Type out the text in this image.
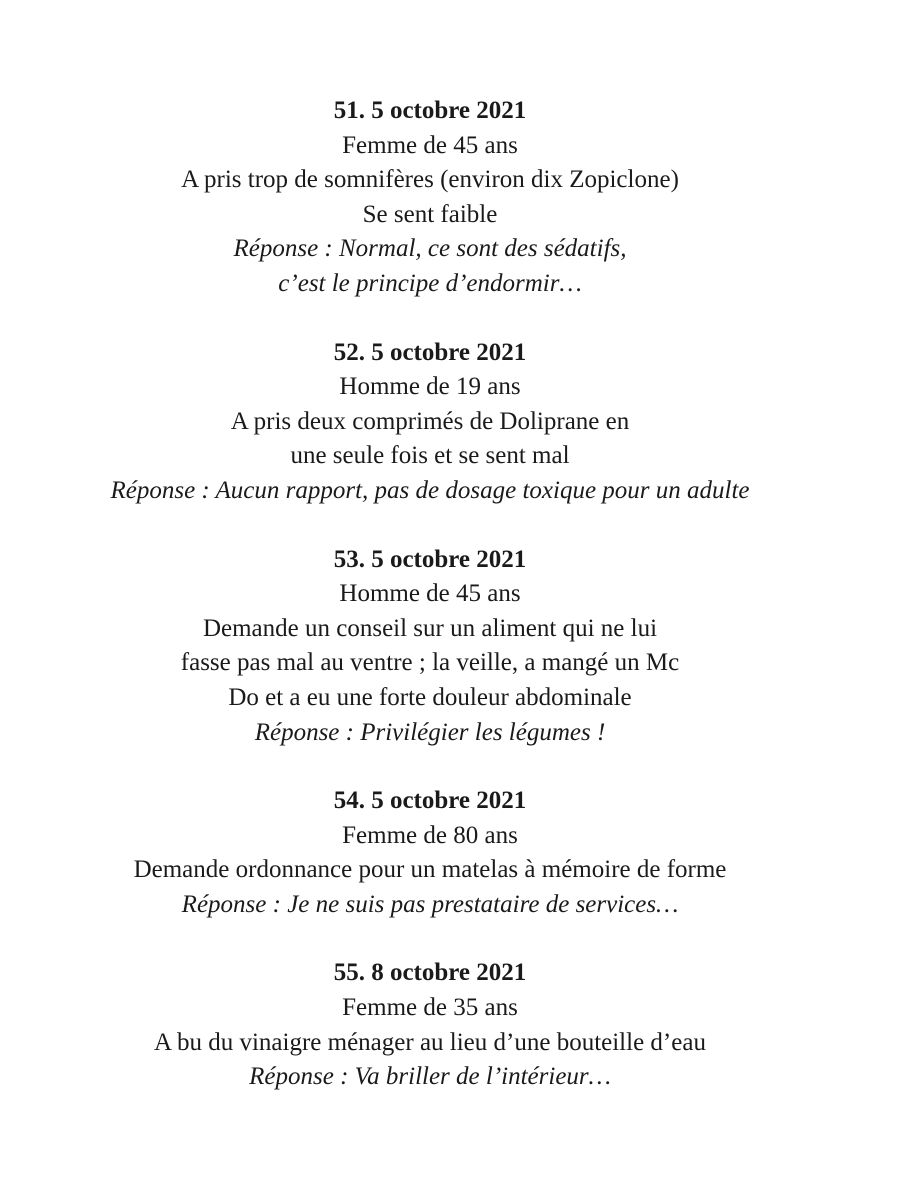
51. 5 octobre 2021
Femme de 45 ans
A pris trop de somnifères (environ dix Zopiclone)
Se sent faible
Réponse : Normal, ce sont des sédatifs,
c’est le principe d’endormir…
52. 5 octobre 2021
Homme de 19 ans
A pris deux comprimés de Doliprane en
une seule fois et se sent mal
Réponse : Aucun rapport, pas de dosage toxique pour un adulte
53. 5 octobre 2021
Homme de 45 ans
Demande un conseil sur un aliment qui ne lui
fasse pas mal au ventre ; la veille, a mangé un Mc
Do et a eu une forte douleur abdominale
Réponse : Privilégier les légumes !
54. 5 octobre 2021
Femme de 80 ans
Demande ordonnance pour un matelas à mémoire de forme
Réponse : Je ne suis pas prestataire de services…
55. 8 octobre 2021
Femme de 35 ans
A bu du vinaigre ménager au lieu d’une bouteille d’eau
Réponse : Va briller de l’intérieur…
